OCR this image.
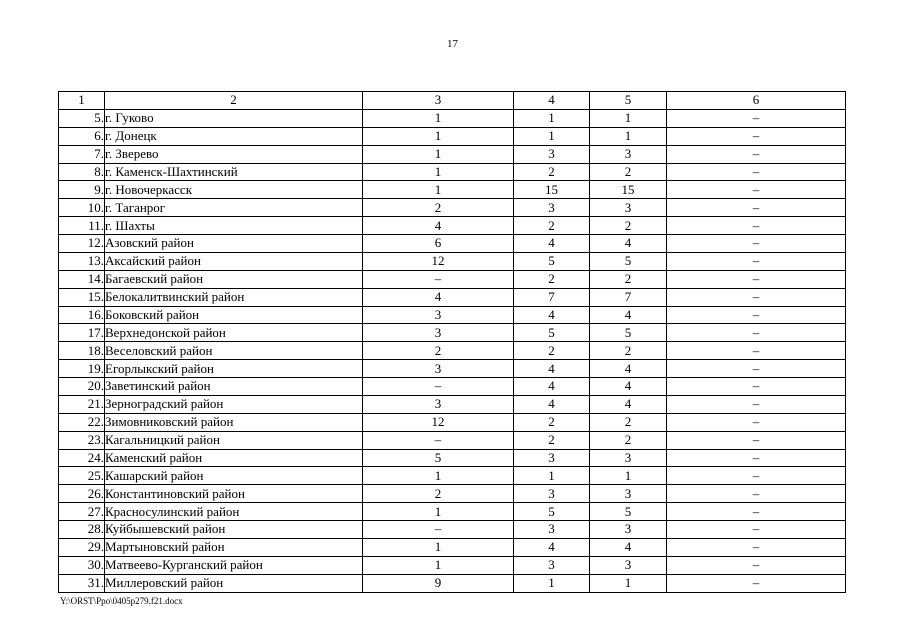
17
1	2	3	4	5	6
5.	г. Гуково	1	1	1	–
6.	г. Донецк	1	1	1	–
7.	г. Зверево	1	3	3	–
8.	г. Каменск-Шахтинский	1	2	2	–
9.	г. Новочеркасск	1	15	15	–
10.	г. Таганрог	2	3	3	–
11.	г. Шахты	4	2	2	–
12.	Азовский район	6	4	4	–
13.	Аксайский район	12	5	5	–
14.	Багаевский район	–	2	2	–
15.	Белокалитвинский район	4	7	7	–
16.	Боковский район	3	4	4	–
17.	Верхнедонской район	3	5	5	–
18.	Веселовский район	2	2	2	–
19.	Егорлыкский район	3	4	4	–
20.	Заветинский район	–	4	4	–
21.	Зерноградский район	3	4	4	–
22.	Зимовниковский район	12	2	2	–
23.	Кагальницкий район	–	2	2	–
24.	Каменский район	5	3	3	–
25.	Кашарский район	1	1	1	–
26.	Константиновский район	2	3	3	–
27.	Красносулинский район	1	5	5	–
28.	Куйбышевский район	–	3	3	–
29.	Мартыновский район	1	4	4	–
30.	Матвеево-Курганский район	1	3	3	–
31.	Миллеровский район	9	1	1	–
Y:\ORST\Ppo\0405p279.f21.docx
